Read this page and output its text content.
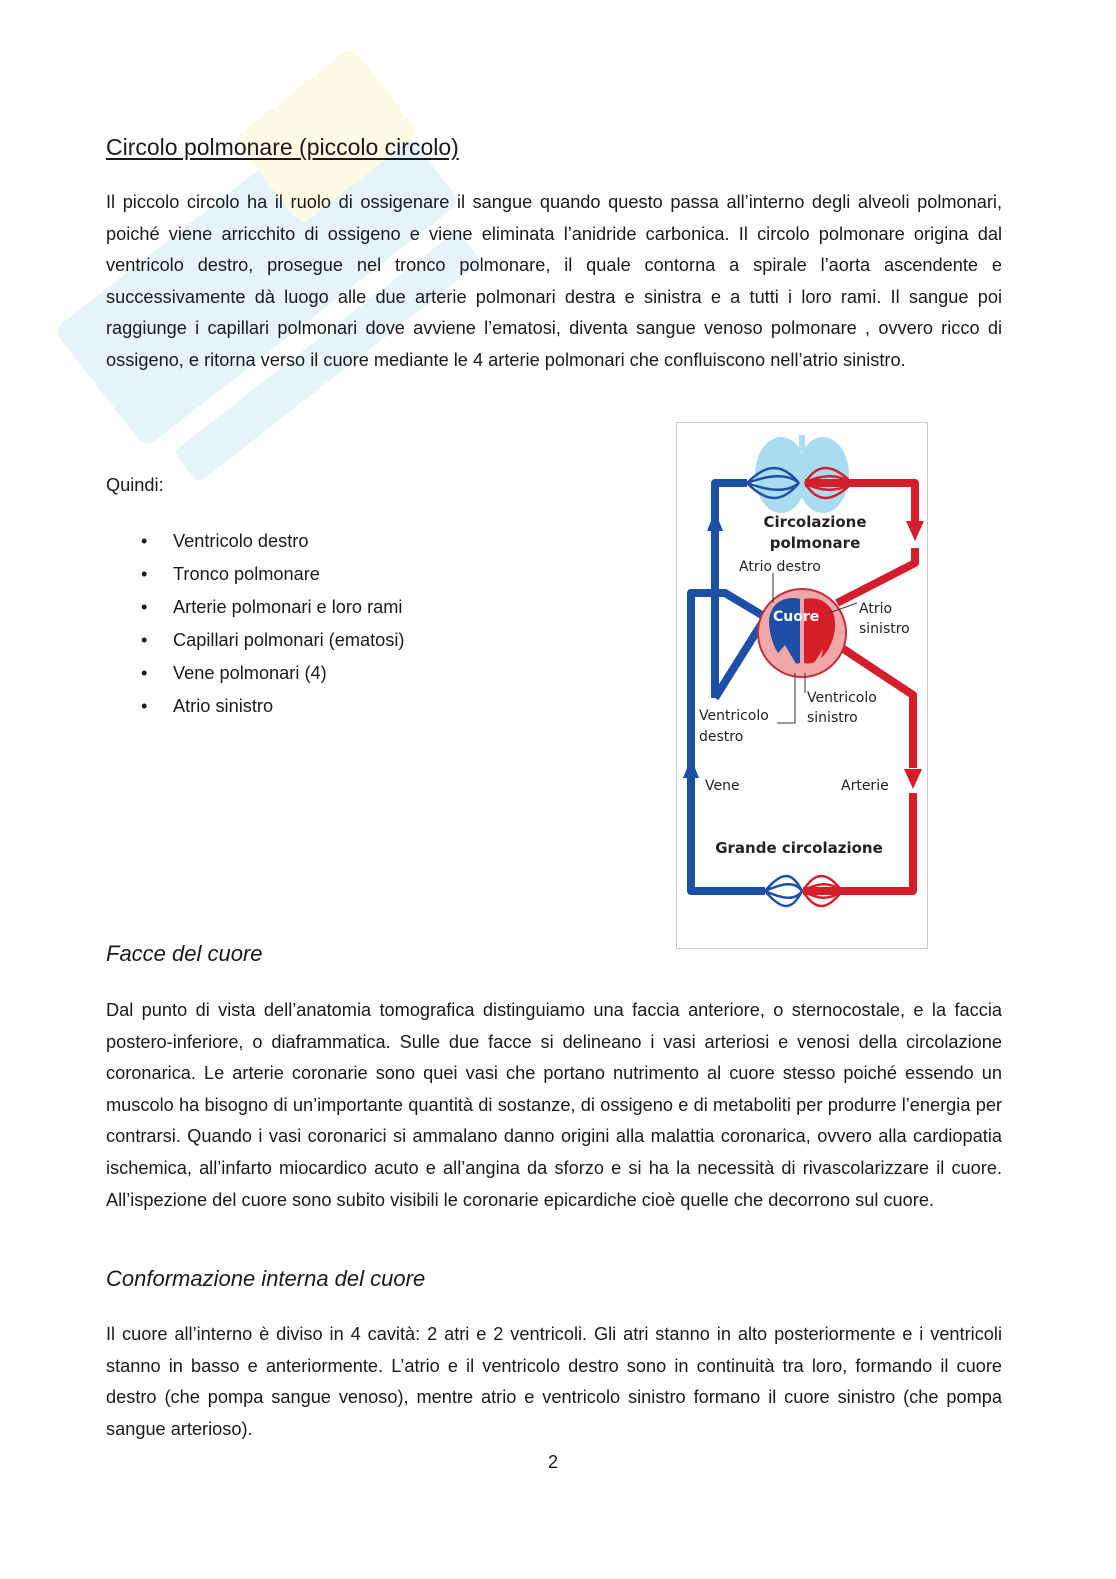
Circolo polmonare (piccolo circolo)

Il piccolo circolo ha il ruolo di ossigenare il sangue quando questo passa all’interno degli alveoli polmonari, poiché viene arricchito di ossigeno e viene eliminata l’anidride carbonica. Il circolo polmonare origina dal ventricolo destro, prosegue nel tronco polmonare, il quale contorna a spirale l’aorta ascendente e successivamente dà luogo alle due arterie polmonari destra e sinistra e a tutti i loro rami. Il sangue poi raggiunge i capillari polmonari dove avviene l’ematosi, diventa sangue venoso polmonare , ovvero ricco di ossigeno, e ritorna verso il cuore mediante le 4 arterie polmonari che confluiscono nell’atrio sinistro.

Quindi:

• Ventricolo destro
• Tronco polmonare
• Arterie polmonari e loro rami
• Capillari polmonari (ematosi)
• Vene polmonari (4)
• Atrio sinistro
Facce del cuore

Dal punto di vista dell’anatomia tomografica distinguiamo una faccia anteriore, o sternocostale, e la faccia postero-inferiore, o diaframmatica. Sulle due facce si delineano i vasi arteriosi e venosi della circolazione coronarica. Le arterie coronarie sono quei vasi che portano nutrimento al cuore stesso poiché essendo un muscolo ha bisogno di un’importante quantità di sostanze, di ossigeno e di metaboliti per produrre l’energia per contrarsi. Quando i vasi coronarici si ammalano danno origini alla malattia coronarica, ovvero alla cardiopatia ischemica, all’infarto miocardico acuto e all’angina da sforzo e si ha la necessità di rivascolarizzare il cuore. All’ispezione del cuore sono subito visibili le coronarie epicardiche cioè quelle che decorrono sul cuore.

Conformazione interna del cuore

Il cuore all’interno è diviso in 4 cavità: 2 atri e 2 ventricoli. Gli atri stanno in alto posteriormente e i ventricoli stanno in basso e anteriormente. L’atrio e il ventricolo destro sono in continuità tra loro, formando il cuore destro (che pompa sangue venoso), mentre atrio e ventricolo sinistro formano il cuore sinistro (che pompa sangue arterioso).

2
Circolazione
polmonare
Atrio destro
Cuore	Atrio
sinistro
Ventricolo
sinistro
Ventricolo
destro
Vene	Arterie
Grande circolazione
